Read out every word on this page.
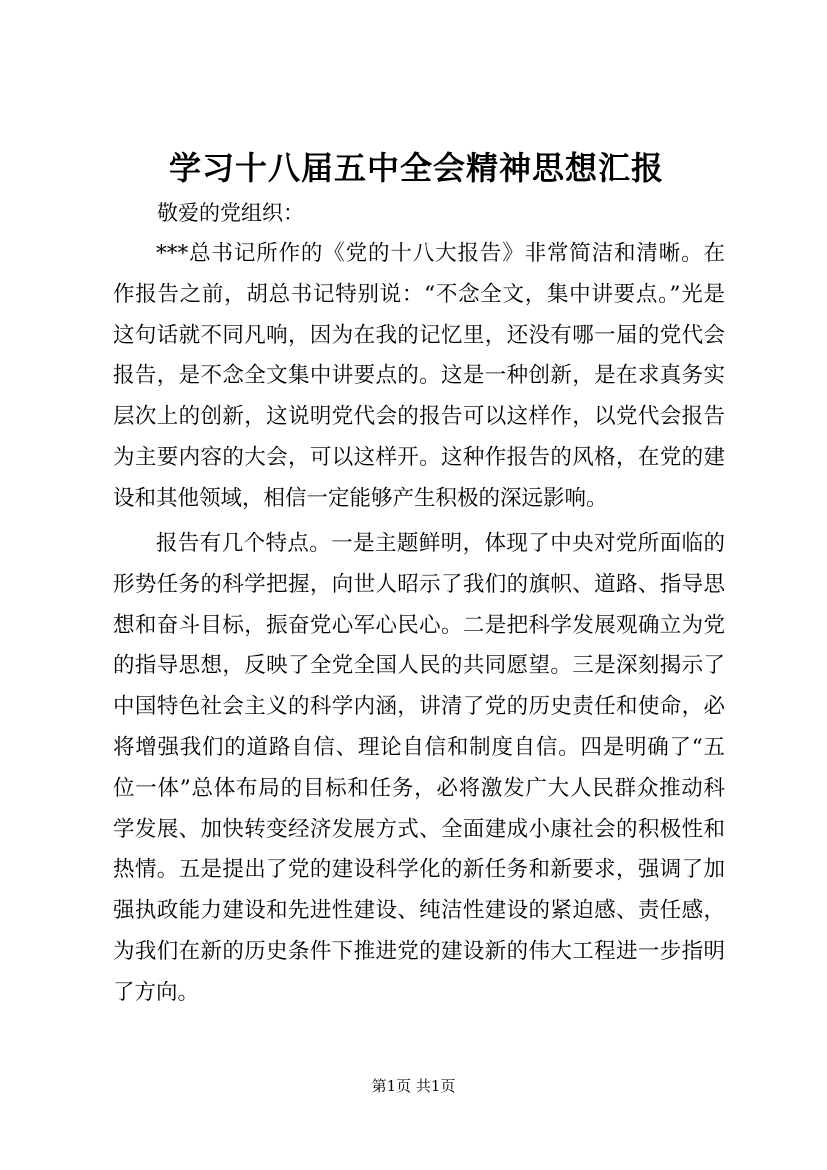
学习十八届五中全会精神思想汇报
敬爱的党组织：

***总书记所作的《党的十八大报告》非常简洁和清晰。在作报告之前，胡总书记特别说：“不念全文，集中讲要点。”光是这句话就不同凡响，因为在我的记忆里，还没有哪一届的党代会报告，是不念全文集中讲要点的。这是一种创新，是在求真务实层次上的创新，这说明党代会的报告可以这样作，以党代会报告为主要内容的大会，可以这样开。这种作报告的风格，在党的建设和其他领域，相信一定能够产生积极的深远影响。

报告有几个特点。一是主题鲜明，体现了中央对党所面临的形势任务的科学把握，向世人昭示了我们的旗帜、道路、指导思想和奋斗目标，振奋党心军心民心。二是把科学发展观确立为党的指导思想，反映了全党全国人民的共同愿望。三是深刻揭示了中国特色社会主义的科学内涵，讲清了党的历史责任和使命，必将增强我们的道路自信、理论自信和制度自信。四是明确了“五位一体”总体布局的目标和任务，必将激发广大人民群众推动科学发展、加快转变经济发展方式、全面建成小康社会的积极性和热情。五是提出了党的建设科学化的新任务和新要求，强调了加强执政能力建设和先进性建设、纯洁性建设的紧迫感、责任感，为我们在新的历史条件下推进党的建设新的伟大工程进一步指明了方向。

第1页 共1页
